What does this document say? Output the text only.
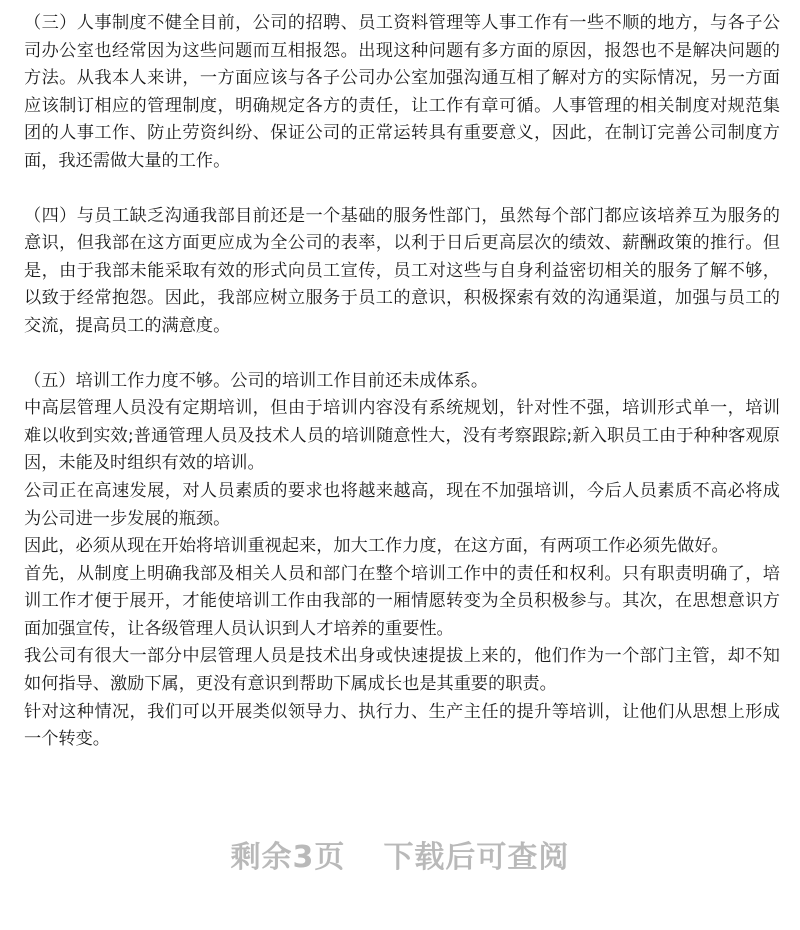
（三）人事制度不健全目前，公司的招聘、员工资料管理等人事工作有一些不顺的地方，与各子公司办公室也经常因为这些问题而互相报怨。出现这种问题有多方面的原因，报怨也不是解决问题的方法。从我本人来讲，一方面应该与各子公司办公室加强沟通互相了解对方的实际情况，另一方面应该制订相应的管理制度，明确规定各方的责任，让工作有章可循。人事管理的相关制度对规范集团的人事工作、防止劳资纠纷、保证公司的正常运转具有重要意义，因此，在制订完善公司制度方面，我还需做大量的工作。

（四）与员工缺乏沟通我部目前还是一个基础的服务性部门，虽然每个部门都应该培养互为服务的意识，但我部在这方面更应成为全公司的表率，以利于日后更高层次的绩效、薪酬政策的推行。但是，由于我部未能采取有效的形式向员工宣传，员工对这些与自身利益密切相关的服务了解不够，以致于经常抱怨。因此，我部应树立服务于员工的意识，积极探索有效的沟通渠道，加强与员工的交流，提高员工的满意度。

（五）培训工作力度不够。公司的培训工作目前还未成体系。

中高层管理人员没有定期培训，但由于培训内容没有系统规划，针对性不强，培训形式单一，培训难以收到实效;普通管理人员及技术人员的培训随意性大，没有考察跟踪;新入职员工由于种种客观原因，未能及时组织有效的培训。

公司正在高速发展，对人员素质的要求也将越来越高，现在不加强培训，今后人员素质不高必将成为公司进一步发展的瓶颈。

因此，必须从现在开始将培训重视起来，加大工作力度，在这方面，有两项工作必须先做好。

首先，从制度上明确我部及相关人员和部门在整个培训工作中的责任和权利。只有职责明确了，培训工作才便于展开，才能使培训工作由我部的一厢情愿转变为全员积极参与。其次，在思想意识方面加强宣传，让各级管理人员认识到人才培养的重要性。

我公司有很大一部分中层管理人员是技术出身或快速提拔上来的，他们作为一个部门主管，却不知如何指导、激励下属，更没有意识到帮助下属成长也是其重要的职责。

针对这种情况，我们可以开展类似领导力、执行力、生产主任的提升等培训，让他们从思想上形成一个转变。

剩余3页 下载后可查阅
